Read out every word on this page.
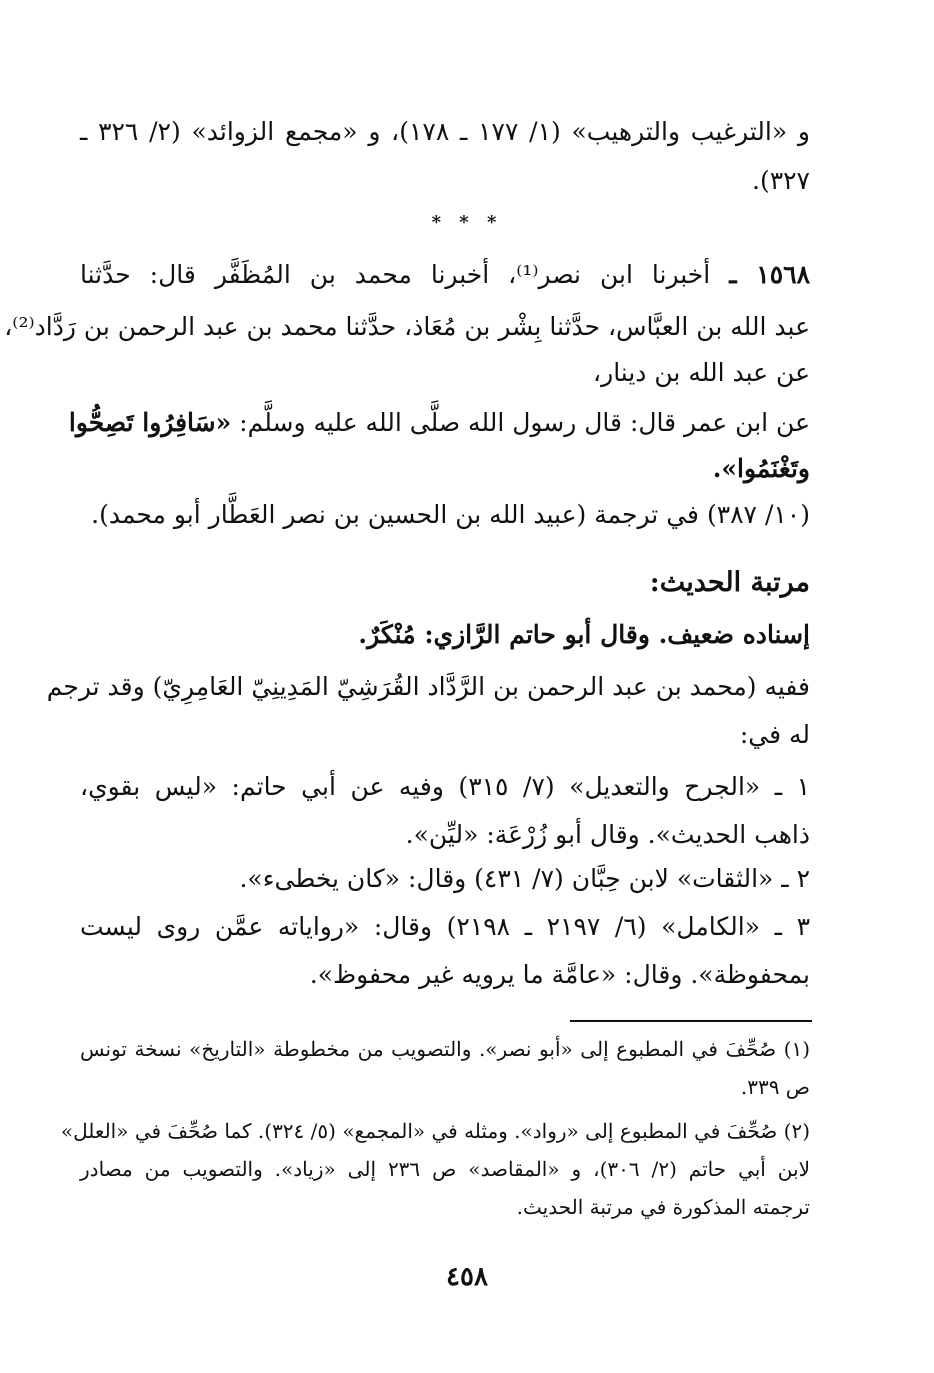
و «الترغيب والترهيب» (١/ ١٧٧ ـ ١٧٨)، و «مجمع الزوائد» (٢/ ٣٢٦ ـ
٣٢٧).
* * *
١٥٦٨ ـ أخبرنا ابن نصر⁽¹⁾، أخبرنا محمد بن المُظَفَّر قال: حدَّثنا
عبد الله بن العبَّاس، حدَّثنا بِشْر بن مُعَاذ، حدَّثنا محمد بن عبد الرحمن بن رَدَّاد⁽²⁾،
عن عبد الله بن دينار،
عن ابن عمر قال: قال رسول الله صلَّى الله عليه وسلَّم: «سَافِرُوا تَصِحُّوا
وتَغْنَمُوا».
(١٠/ ٣٨٧) في ترجمة (عبيد الله بن الحسين بن نصر العَطَّار أبو محمد).
مرتبة الحديث:
إسناده ضعيف. وقال أبو حاتم الرَّازي: مُنْكَرٌ.
ففيه (محمد بن عبد الرحمن بن الرَّدَّاد القُرَشِيّ المَدِينِيّ العَامِرِيّ) وقد ترجم
له في:
١ ـ «الجرح والتعديل» (٧/ ٣١٥) وفيه عن أبي حاتم: «ليس بقوي،
ذاهب الحديث». وقال أبو زُرْعَة: «ليِّن».
٢ ـ «الثقات» لابن حِبَّان (٧/ ٤٣١) وقال: «كان يخطىء».
٣ ـ «الكامل» (٦/ ٢١٩٧ ـ ٢١٩٨) وقال: «رواياته عمَّن روى ليست
بمحفوظة». وقال: «عامَّة ما يرويه غير محفوظ».
(١) صُحِّفَ في المطبوع إلى «أبو نصر». والتصويب من مخطوطة «التاريخ» نسخة تونس
ص ٣٣٩.
(٢) صُحِّفَ في المطبوع إلى «رواد». ومثله في «المجمع» (٥/ ٣٢٤). كما صُحِّفَ في «العلل»
لابن أبي حاتم (٢/ ٣٠٦)، و «المقاصد» ص ٢٣٦ إلى «زياد». والتصويب من مصادر
ترجمته المذكورة في مرتبة الحديث.
٤٥٨
